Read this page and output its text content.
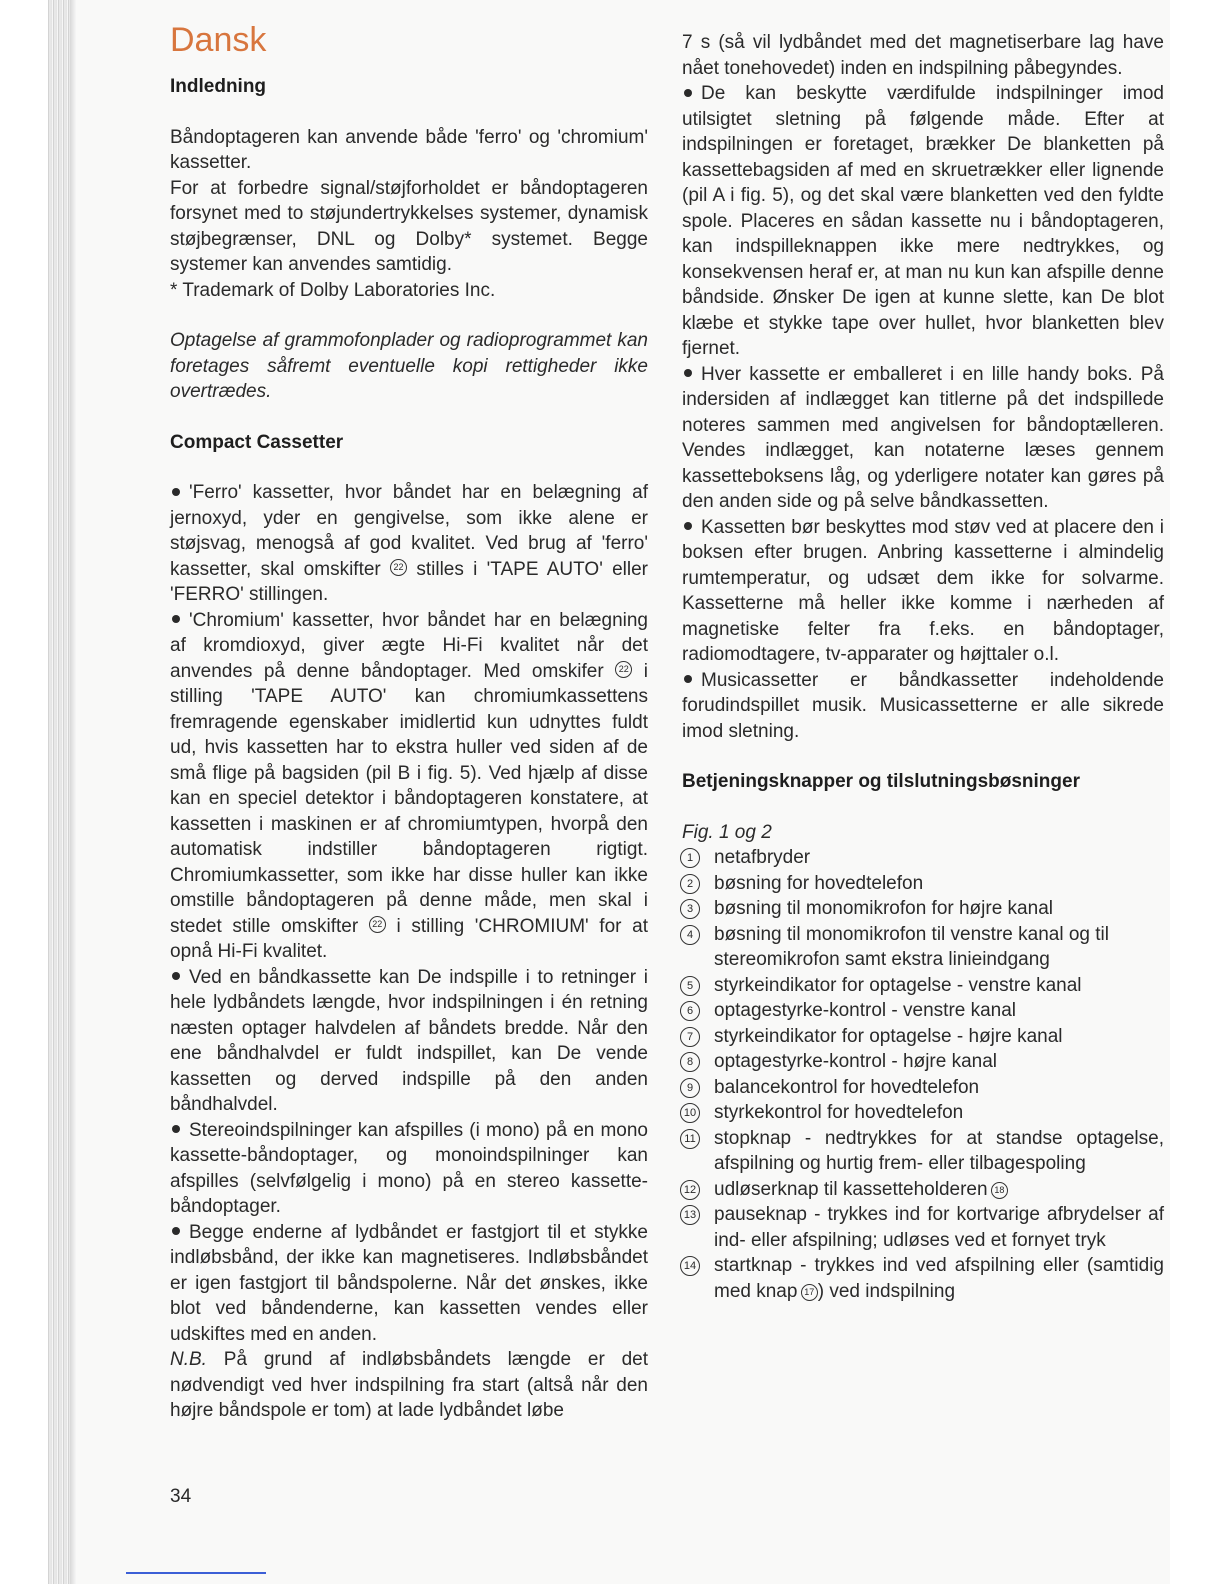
Dansk
Indledning

Båndoptageren kan anvende både 'ferro' og 'chromium' kassetter.

For at forbedre signal/støjforholdet er båndoptageren forsynet med to støjundertrykkelses systemer, dynamisk støjbegrænser, DNL og Dolby* systemet. Begge systemer kan anvendes samtidig.

* Trademark of Dolby Laboratories Inc.

Optagelse af grammofonplader og radioprogrammet kan foretages såfremt eventuelle kopi rettigheder ikke overtrædes.

Compact Cassetter

'Ferro' kassetter, hvor båndet har en belægning af jernoxyd, yder en gengivelse, som ikke alene er støjsvag, menogså af god kvalitet. Ved brug af 'ferro' kassetter, skal omskifter 22 stilles i 'TAPE AUTO' eller 'FERRO' stillingen.

'Chromium' kassetter, hvor båndet har en belægning af kromdioxyd, giver ægte Hi-Fi kvalitet når det anvendes på denne båndoptager. Med omskifer 22 i stilling 'TAPE AUTO' kan chromiumkassettens fremragende egenskaber imidlertid kun udnyttes fuldt ud, hvis kassetten har to ekstra huller ved siden af de små flige på bagsiden (pil B i fig. 5). Ved hjælp af disse kan en speciel detektor i båndoptageren konstatere, at kassetten i maskinen er af chromiumtypen, hvorpå den automatisk indstiller båndoptageren rigtigt. Chromiumkassetter, som ikke har disse huller kan ikke omstille båndoptageren på denne måde, men skal i stedet stille omskifter 22 i stilling 'CHROMIUM' for at opnå Hi-Fi kvalitet.

Ved en båndkassette kan De indspille i to retninger i hele lydbåndets længde, hvor indspilningen i én retning næsten optager halvdelen af båndets bredde. Når den ene båndhalvdel er fuldt indspillet, kan De vende kassetten og derved indspille på den anden båndhalvdel.

Stereoindspilninger kan afspilles (i mono) på en mono kassette-båndoptager, og monoindspilninger kan afspilles (selvfølgelig i mono) på en stereo kassette-båndoptager.

Begge enderne af lydbåndet er fastgjort til et stykke indløbsbånd, der ikke kan magnetiseres. Indløbsbåndet er igen fastgjort til båndspolerne. Når det ønskes, ikke blot ved båndenderne, kan kassetten vendes eller udskiftes med en anden.

N.B. På grund af indløbsbåndets længde er det nødvendigt ved hver indspilning fra start (altså når den højre båndspole er tom) at lade lydbåndet løbe

7 s (så vil lydbåndet med det magnetiserbare lag have nået tonehovedet) inden en indspilning påbegyndes.

De kan beskytte værdifulde indspilninger imod utilsigtet sletning på følgende måde. Efter at indspilningen er foretaget, brækker De blanketten på kassettebagsiden af med en skruetrækker eller lignende (pil A i fig. 5), og det skal være blanketten ved den fyldte spole. Placeres en sådan kassette nu i båndoptageren, kan indspilleknappen ikke mere nedtrykkes, og konsekvensen heraf er, at man nu kun kan afspille denne båndside. Ønsker De igen at kunne slette, kan De blot klæbe et stykke tape over hullet, hvor blanketten blev fjernet.

Hver kassette er emballeret i en lille handy boks. På indersiden af indlægget kan titlerne på det indspillede noteres sammen med angivelsen for båndoptælleren. Vendes indlægget, kan notaterne læses gennem kassetteboksens låg, og yderligere notater kan gøres på den anden side og på selve båndkassetten.

Kassetten bør beskyttes mod støv ved at placere den i boksen efter brugen. Anbring kassetterne i almindelig rumtemperatur, og udsæt dem ikke for solvarme. Kassetterne må heller ikke komme i nærheden af magnetiske felter fra f.eks. en båndoptager, radiomodtagere, tv-apparater og højttaler o.l.

Musicassetter er båndkassetter indeholdende forudindspillet musik. Musicassetterne er alle sikrede imod sletning.

Betjeningsknapper og tilslutningsbøsninger

Fig. 1 og 2

1	netafbryder
2	bøsning for hovedtelefon
3	bøsning til monomikrofon for højre kanal
4	bøsning til monomikrofon til venstre kanal og til stereomikrofon samt ekstra linieindgang
5	styrkeindikator for optagelse - venstre kanal
6	optagestyrke-kontrol - venstre kanal
7	styrkeindikator for optagelse - højre kanal
8	optagestyrke-kontrol - højre kanal
9	balancekontrol for hovedtelefon
10 styrkekontrol for hovedtelefon
11 stopknap - nedtrykkes for at standse optagelse, afspilning og hurtig frem- eller tilbagespoling
12 udløserknap til kassetteholderen 18
13 pauseknap - trykkes ind for kortvarige afbrydelser af ind- eller afspilning; udløses ved et fornyet tryk
14 startknap - trykkes ind ved afspilning eller (samtidig med knap 17 ) ved indspilning
34
